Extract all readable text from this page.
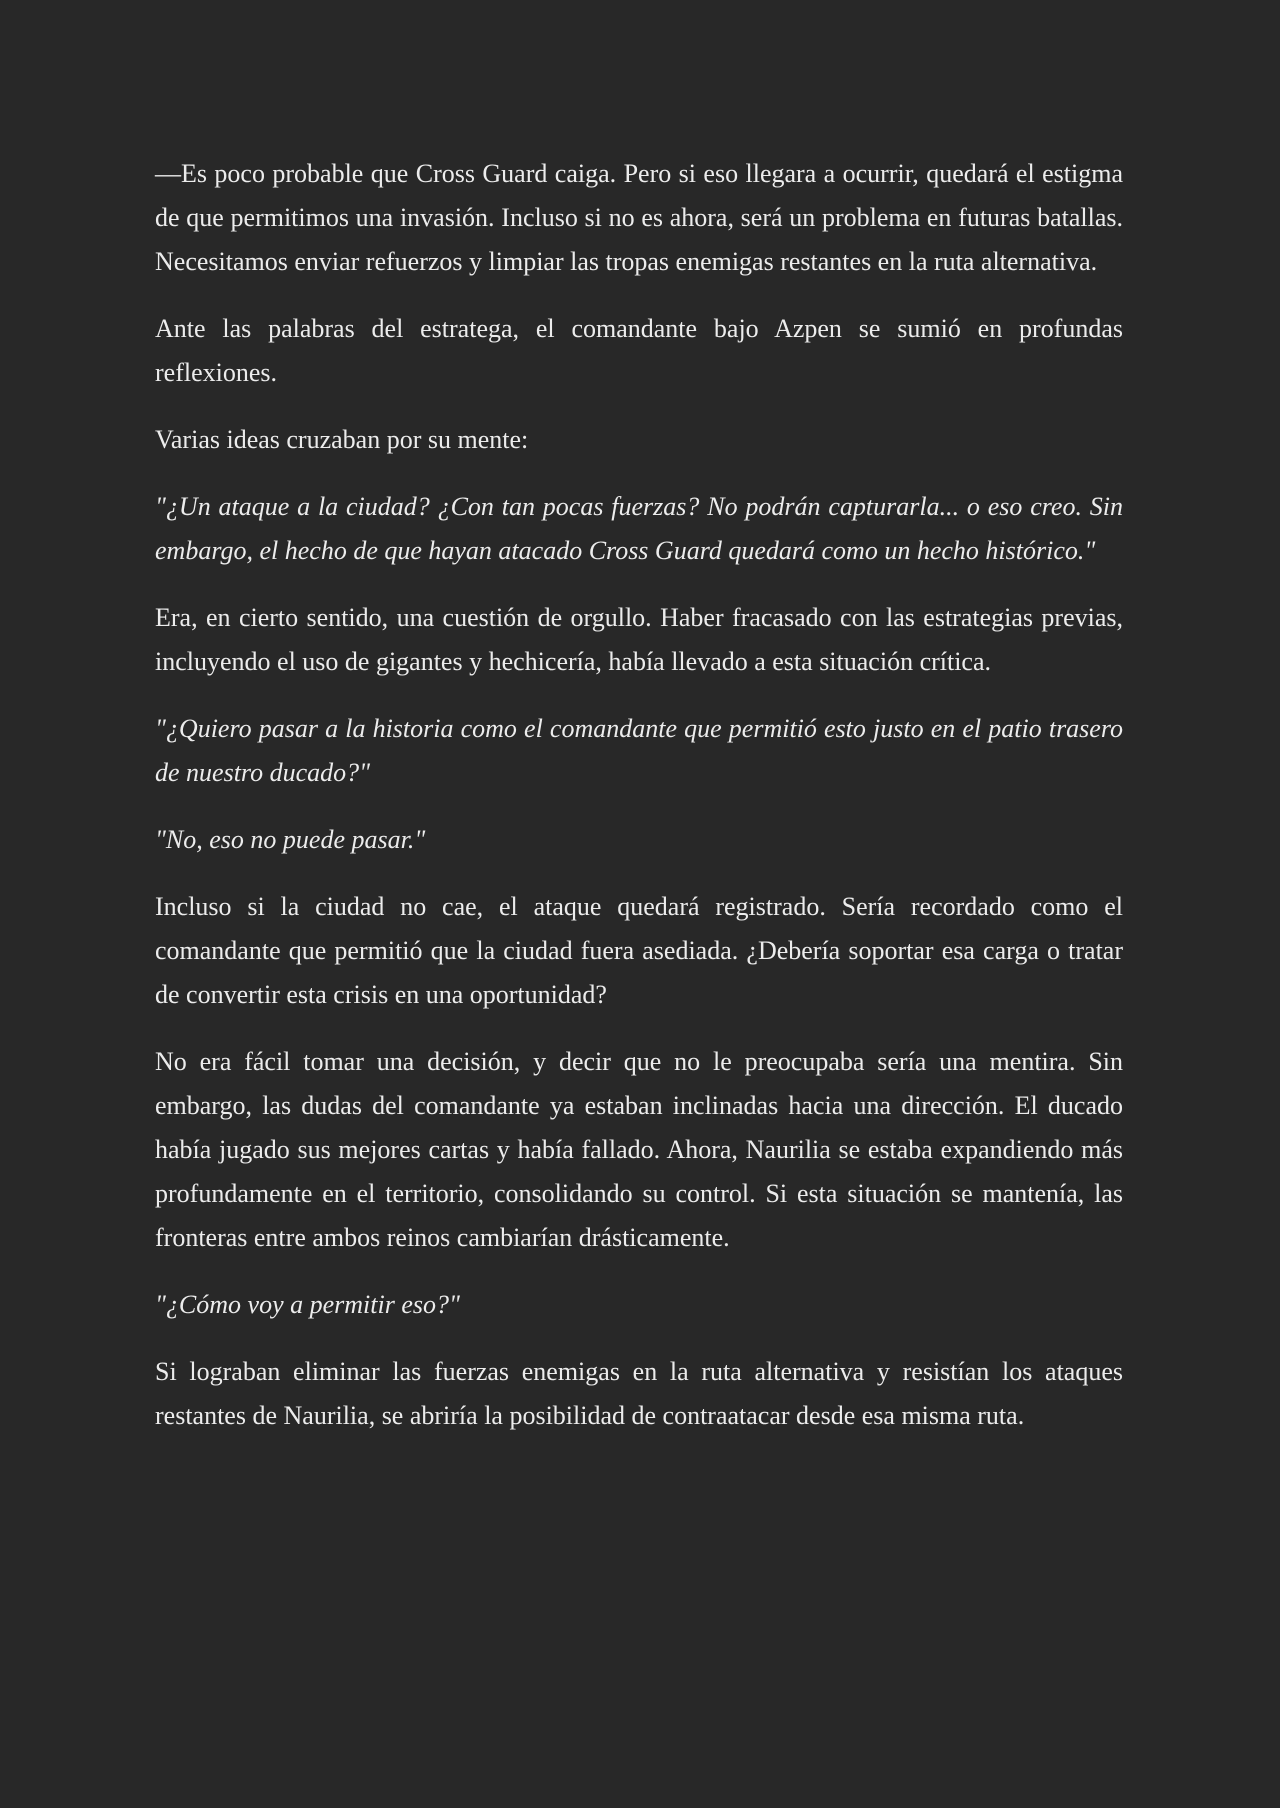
—Es poco probable que Cross Guard caiga. Pero si eso llegara a ocurrir, quedará el estigma de que permitimos una invasión. Incluso si no es ahora, será un problema en futuras batallas. Necesitamos enviar refuerzos y limpiar las tropas enemigas restantes en la ruta alternativa.

Ante las palabras del estratega, el comandante bajo Azpen se sumió en profundas reflexiones.

Varias ideas cruzaban por su mente:

"¿Un ataque a la ciudad? ¿Con tan pocas fuerzas? No podrán capturarla... o eso creo. Sin embargo, el hecho de que hayan atacado Cross Guard quedará como un hecho histórico."

Era, en cierto sentido, una cuestión de orgullo. Haber fracasado con las estrategias previas, incluyendo el uso de gigantes y hechicería, había llevado a esta situación crítica.

"¿Quiero pasar a la historia como el comandante que permitió esto justo en el patio trasero de nuestro ducado?"

"No, eso no puede pasar."

Incluso si la ciudad no cae, el ataque quedará registrado. Sería recordado como el comandante que permitió que la ciudad fuera asediada. ¿Debería soportar esa carga o tratar de convertir esta crisis en una oportunidad?

No era fácil tomar una decisión, y decir que no le preocupaba sería una mentira. Sin embargo, las dudas del comandante ya estaban inclinadas hacia una dirección. El ducado había jugado sus mejores cartas y había fallado. Ahora, Naurilia se estaba expandiendo más profundamente en el territorio, consolidando su control. Si esta situación se mantenía, las fronteras entre ambos reinos cambiarían drásticamente.

"¿Cómo voy a permitir eso?"

Si lograban eliminar las fuerzas enemigas en la ruta alternativa y resistían los ataques restantes de Naurilia, se abriría la posibilidad de contraatacar desde esa misma ruta.
